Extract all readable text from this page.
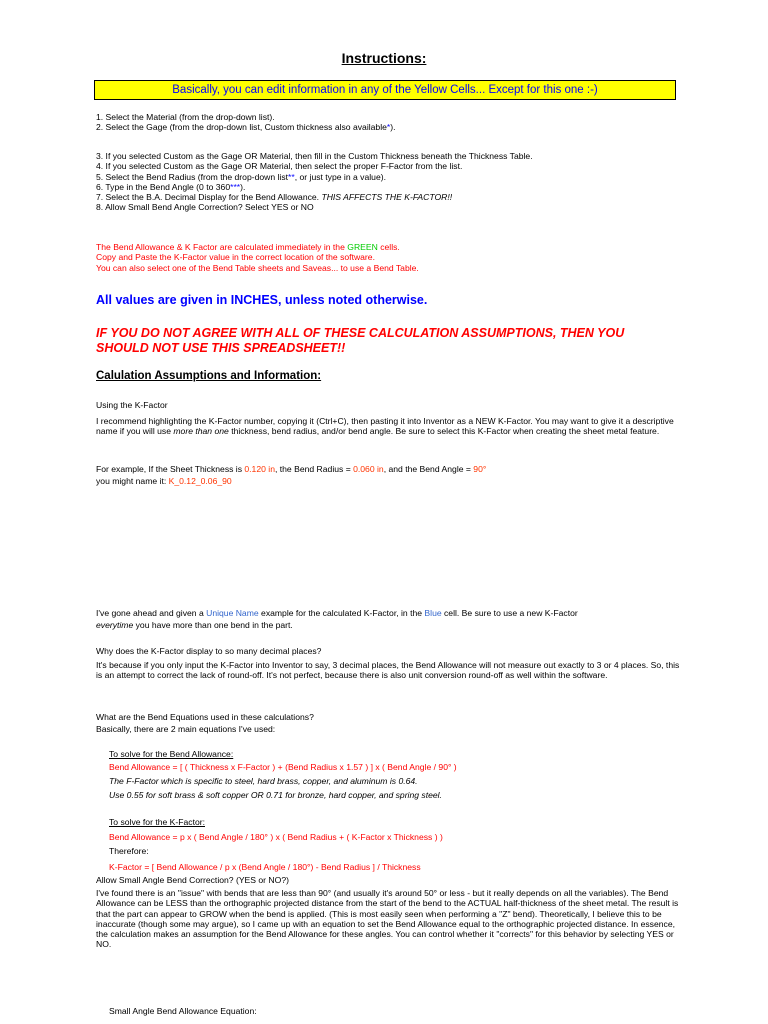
Instructions:
Basically, you can edit information in any of the Yellow Cells... Except for this one :-)
1. Select the Material (from the drop-down list).
2. Select the Gage (from the drop-down list, Custom thickness also available*).
3. If you selected Custom as the Gage OR Material, then fill in the Custom Thickness beneath the Thickness Table.
4. If you selected Custom as the Gage OR Material, then select the proper F-Factor from the list.
5. Select the Bend Radius (from the drop-down list**, or just type in a value).
6. Type in the Bend Angle (0 to 360***).
7. Select the B.A. Decimal Display for the Bend Allowance. THIS AFFECTS THE K-FACTOR!!
8. Allow Small Bend Angle Correction? Select YES or NO
The Bend Allowance & K Factor are calculated immediately in the GREEN cells.
Copy and Paste the K-Factor value in the correct location of the software.
You can also select one of the Bend Table sheets and Saveas... to use a Bend Table.
All values are given in INCHES, unless noted otherwise.
IF YOU DO NOT AGREE WITH ALL OF THESE CALCULATION ASSUMPTIONS, THEN YOU SHOULD NOT USE THIS SPREADSHEET!!
Calulation Assumptions and Information:
Using the K-Factor
I recommend highlighting the K-Factor number, copying it (Ctrl+C), then pasting it into Inventor as a NEW K-Factor. You may want to give it a descriptive name if you will use more than one thickness, bend radius, and/or bend angle. Be sure to select this K-Factor when creating the sheet metal feature.
For example, If the Sheet Thickness is 0.120 in, the Bend Radius = 0.060 in, and the Bend Angle = 90°
you might name it: K_0.12_0.06_90
I've gone ahead and given a Unique Name example for the calculated K-Factor, in the Blue cell. Be sure to use a new K-Factor
everytime you have more than one bend in the part.
Why does the K-Factor display to so many decimal places?
It's because if you only input the K-Factor into Inventor to say, 3 decimal places, the Bend Allowance will not measure out exactly to 3 or 4 places. So, this is an attempt to correct the lack of round-off. It's not perfect, because there is also unit conversion round-off as well within the software.
What are the Bend Equations used in these calculations?
Basically, there are 2 main equations I've used:
To solve for the Bend Allowance:
Bend Allowance = [ ( Thickness x F-Factor ) + (Bend Radius x 1.57 ) ] x ( Bend Angle / 90° )
The F-Factor which is specific to steel, hard brass, copper, and aluminum is 0.64.
Use 0.55 for soft brass & soft copper OR 0.71 for bronze, hard copper, and spring steel.
To solve for the K-Factor:
Bend Allowance = p x ( Bend Angle / 180° ) x ( Bend Radius + ( K-Factor x Thickness ) )
Therefore:
K-Factor = [ Bend Allowance / p x (Bend Angle / 180°) - Bend Radius ] / Thickness
Allow Small Angle Bend Correction? (YES or NO?)
I've found there is an "issue" with bends that are less than 90° (and usually it's around 50° or less - but it really depends on all the variables). The Bend Allowance can be LESS than the orthographic projected distance from the start of the bend to the ACTUAL half-thickness of the sheet metal. The result is that the part can appear to GROW when the bend is applied. (This is most easily seen when performing a "Z" bend). Theoretically, I believe this to be inaccurate (though some may argue), so I came up with an equation to set the Bend Allowance equal to the orthographic projected distance. In essence, the calculation makes an assumption for the Bend Allowance for these angles. You can control whether it "corrects" for this behavior by selecting YES or NO.
Small Angle Bend Allowance Equation:
